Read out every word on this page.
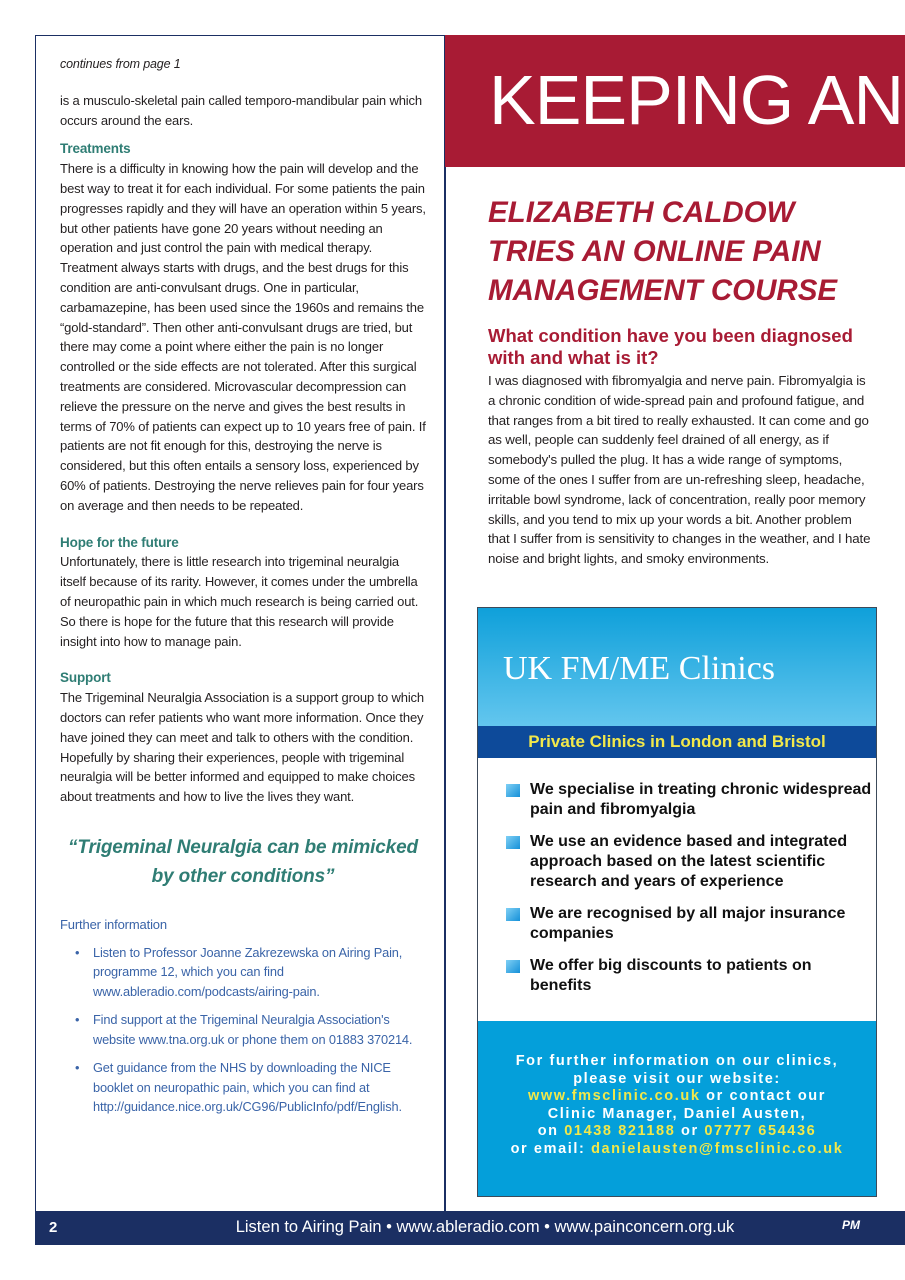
continues from page 1

is a musculo-skeletal pain called temporo-mandibular pain which occurs around the ears.

Treatments

There is a difficulty in knowing how the pain will develop and the best way to treat it for each individual. For some patients the pain progresses rapidly and they will have an operation within 5 years, but other patients have gone 20 years without needing an operation and just control the pain with medical therapy. Treatment always starts with drugs, and the best drugs for this condition are anti-convulsant drugs. One in particular, carbamazepine, has been used since the 1960s and remains the “gold-standard”. Then other anti-convulsant drugs are tried, but there may come a point where either the pain is no longer controlled or the side effects are not tolerated. After this surgical treatments are considered. Microvascular decompression can relieve the pressure on the nerve and gives the best results in terms of 70% of patients can expect up to 10 years free of pain. If patients are not fit enough for this, destroying the nerve is considered, but this often entails a sensory loss, experienced by 60% of patients. Destroying the nerve relieves pain for four years on average and then needs to be repeated.

Hope for the future

Unfortunately, there is little research into trigeminal neuralgia itself because of its rarity. However, it comes under the umbrella of neuropathic pain in which much research is being carried out. So there is hope for the future that this research will provide insight into how to manage pain.

Support

The Trigeminal Neuralgia Association is a support group to which doctors can refer patients who want more information. Once they have joined they can meet and talk to others with the condition. Hopefully by sharing their experiences, people with trigeminal neuralgia will be better informed and equipped to make choices about treatments and how to live the lives they want.

“Trigeminal Neuralgia can be mimicked by other conditions”
Further information
• Listen to Professor Joanne Zakrezewska on Airing Pain, programme 12, which you can find www.ableradio.com/podcasts/airing-pain.
• Find support at the Trigeminal Neuralgia Association's website www.tna.org.uk or phone them on 01883 370214.
• Get guidance from the NHS by downloading the NICE booklet on neuropathic pain, which you can find at http://guidance.nice.org.uk/CG96/PublicInfo/pdf/English.
KEEPING AN
ELIZABETH CALDOW TRIES AN ONLINE PAIN MANAGEMENT COURSE
What condition have you been diagnosed with and what is it?

I was diagnosed with fibromyalgia and nerve pain. Fibromyalgia is a chronic condition of wide-spread pain and profound fatigue, and that ranges from a bit tired to really exhausted. It can come and go as well, people can suddenly feel drained of all energy, as if somebody's pulled the plug. It has a wide range of symptoms, some of the ones I suffer from are un-refreshing sleep, headache, irritable bowl syndrome, lack of concentration, really poor memory skills, and you tend to mix up your words a bit. Another problem that I suffer from is sensitivity to changes in the weather, and I hate noise and bright lights, and smoky environments.

UK FM/ME Clinics
Private Clinics in London and Bristol
We specialise in treating chronic widespread pain and fibromyalgia
We use an evidence based and integrated approach based on the latest scientific research and years of experience
We are recognised by all major insurance companies
We offer big discounts to patients on benefits
For further information on our clinics,
please visit our website:
www.fmsclinic.co.uk or contact our
Clinic Manager, Daniel Austen,
on 01438 821188 or 07777 654436
or email: danielausten@fmsclinic.co.uk
2	Listen to Airing Pain • www.ableradio.com • www.painconcern.org.uk	PM
